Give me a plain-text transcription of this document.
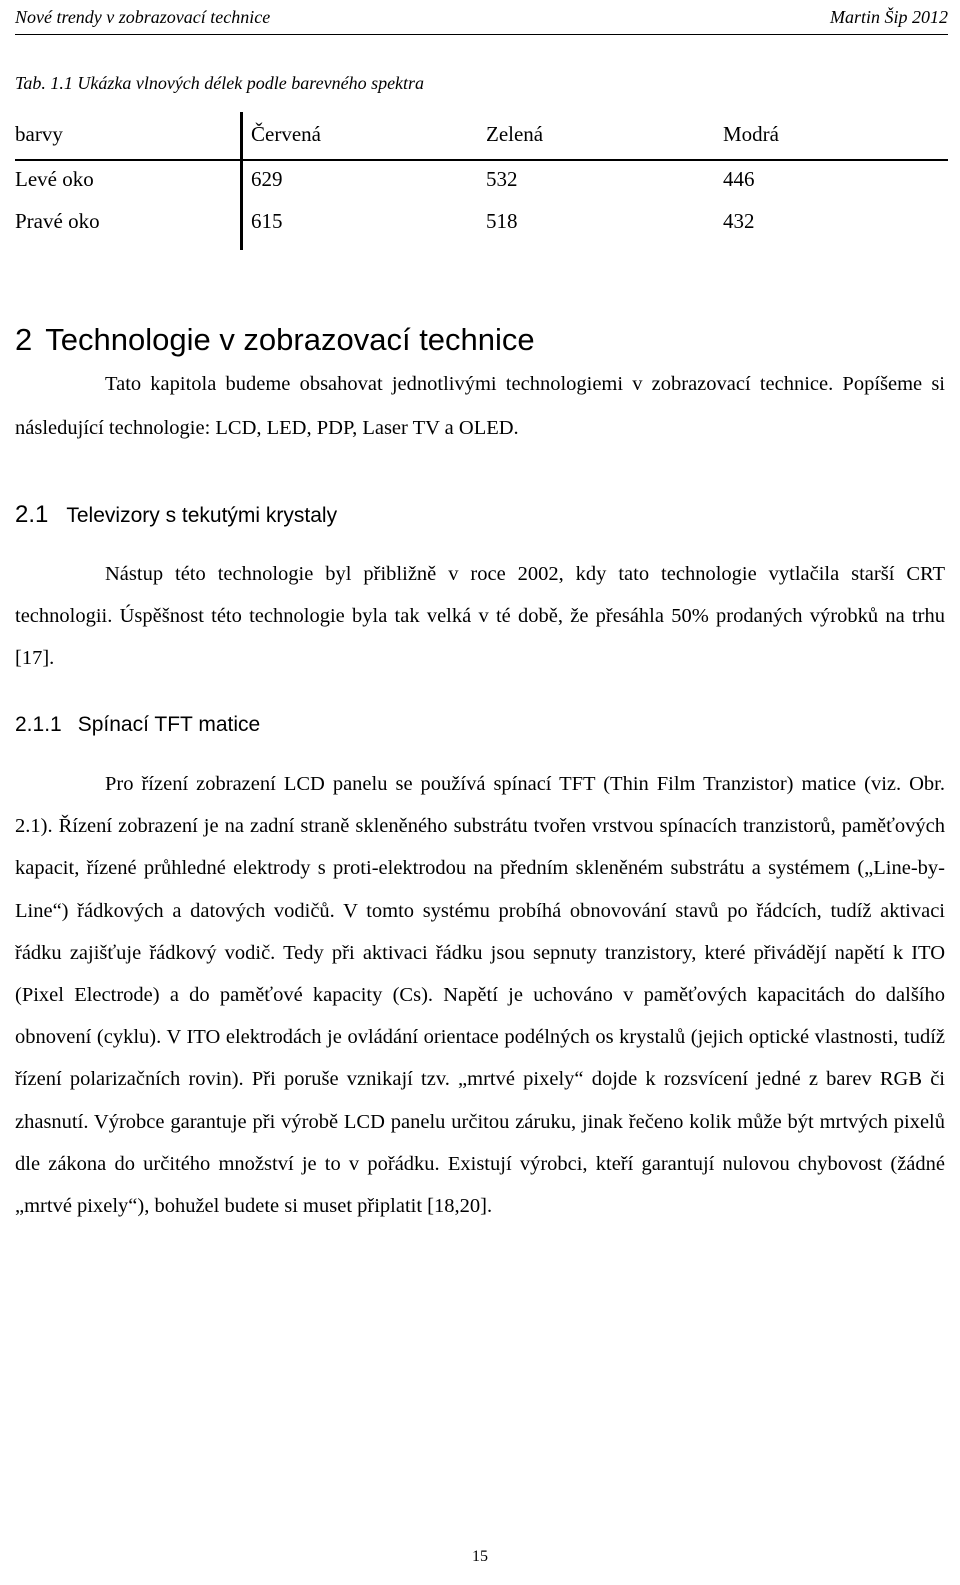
Nové trendy v zobrazovací technice	Martin Šip 2012
Tab. 1.1 Ukázka vlnových délek podle barevného spektra
barvy	Červená	Zelená	Modrá
Levé oko	629	532	446
Pravé oko	615	518	432
2 Technologie v zobrazovací technice

Tato kapitola budeme obsahovat jednotlivými technologiemi v zobrazovací technice. Popíšeme si následující technologie: LCD, LED, PDP, Laser TV a OLED.

2.1 Televizory s tekutými krystaly

Nástup této technologie byl přibližně v roce 2002, kdy tato technologie vytlačila starší CRT technologii. Úspěšnost této technologie byla tak velká v té době, že přesáhla 50% prodaných výrobků na trhu [17].

2.1.1 Spínací TFT matice

Pro řízení zobrazení LCD panelu se používá spínací TFT (Thin Film Tranzistor) matice (viz. Obr. 2.1). Řízení zobrazení je na zadní straně skleněného substrátu tvořen vrstvou spínacích tranzistorů, paměťových kapacit, řízené průhledné elektrody s proti-elektrodou na předním skleněném substrátu a systémem („Line-by-Line“) řádkových a datových vodičů. V tomto systému probíhá obnovování stavů po řádcích, tudíž aktivaci řádku zajišťuje řádkový vodič. Tedy při aktivaci řádku jsou sepnuty tranzistory, které přivádějí napětí k ITO (Pixel Electrode) a do paměťové kapacity (Cs). Napětí je uchováno v paměťových kapacitách do dalšího obnovení (cyklu). V ITO elektrodách je ovládání orientace podélných os krystalů (jejich optické vlastnosti, tudíž řízení polarizačních rovin). Při poruše vznikají tzv. „mrtvé pixely“ dojde k rozsvícení jedné z barev RGB či zhasnutí. Výrobce garantuje při výrobě LCD panelu určitou záruku, jinak řečeno kolik může být mrtvých pixelů dle zákona do určitého množství je to v pořádku. Existují výrobci, kteří garantují nulovou chybovost (žádné „mrtvé pixely“), bohužel budete si muset připlatit [18,20].

15
